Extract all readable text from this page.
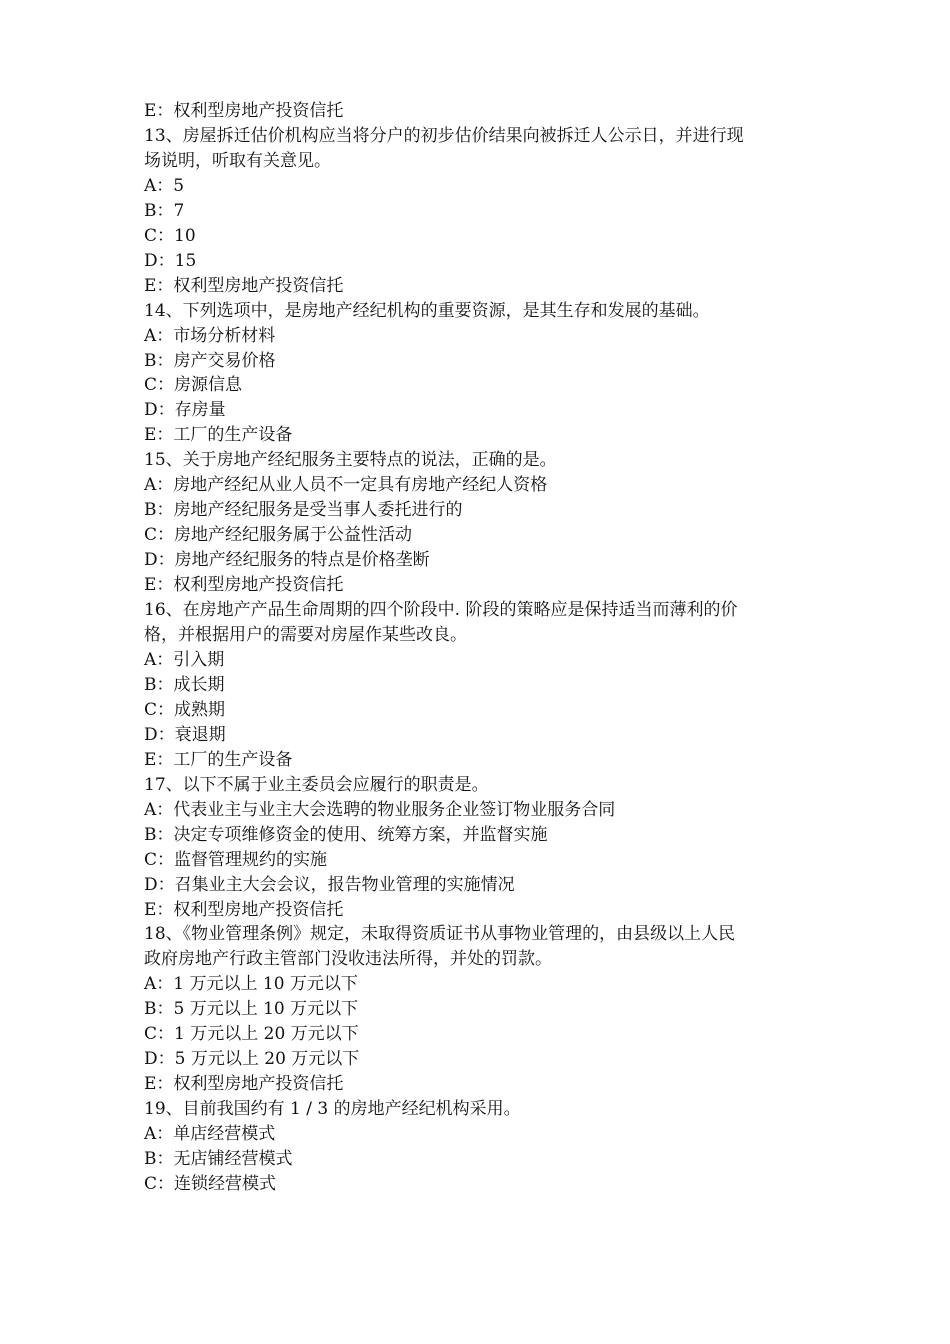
E：权利型房地产投资信托
13、房屋拆迁估价机构应当将分户的初步估价结果向被拆迁人公示日，并进行现
场说明，听取有关意见。
A：5
B：7
C：10
D：15
E：权利型房地产投资信托
14、下列选项中，是房地产经纪机构的重要资源，是其生存和发展的基础。
A：市场分析材料
B：房产交易价格
C：房源信息
D：存房量
E：工厂的生产设备
15、关于房地产经纪服务主要特点的说法，正确的是。
A：房地产经纪从业人员不一定具有房地产经纪人资格
B：房地产经纪服务是受当事人委托进行的
C：房地产经纪服务属于公益性活动
D：房地产经纪服务的特点是价格垄断
E：权利型房地产投资信托
16、在房地产产品生命周期的四个阶段中. 阶段的策略应是保持适当而薄利的价
格，并根据用户的需要对房屋作某些改良。
A：引入期
B：成长期
C：成熟期
D：衰退期
E：工厂的生产设备
17、以下不属于业主委员会应履行的职责是。
A：代表业主与业主大会选聘的物业服务企业签订物业服务合同
B：决定专项维修资金的使用、统筹方案，并监督实施
C：监督管理规约的实施
D：召集业主大会会议，报告物业管理的实施情况
E：权利型房地产投资信托
18、《物业管理条例》规定，未取得资质证书从事物业管理的，由县级以上人民
政府房地产行政主管部门没收违法所得，并处的罚款。
A：1 万元以上 10 万元以下
B：5 万元以上 10 万元以下
C：1 万元以上 20 万元以下
D：5 万元以上 20 万元以下
E：权利型房地产投资信托
19、目前我国约有 1 / 3 的房地产经纪机构采用。
A：单店经营模式
B：无店铺经营模式
C：连锁经营模式
